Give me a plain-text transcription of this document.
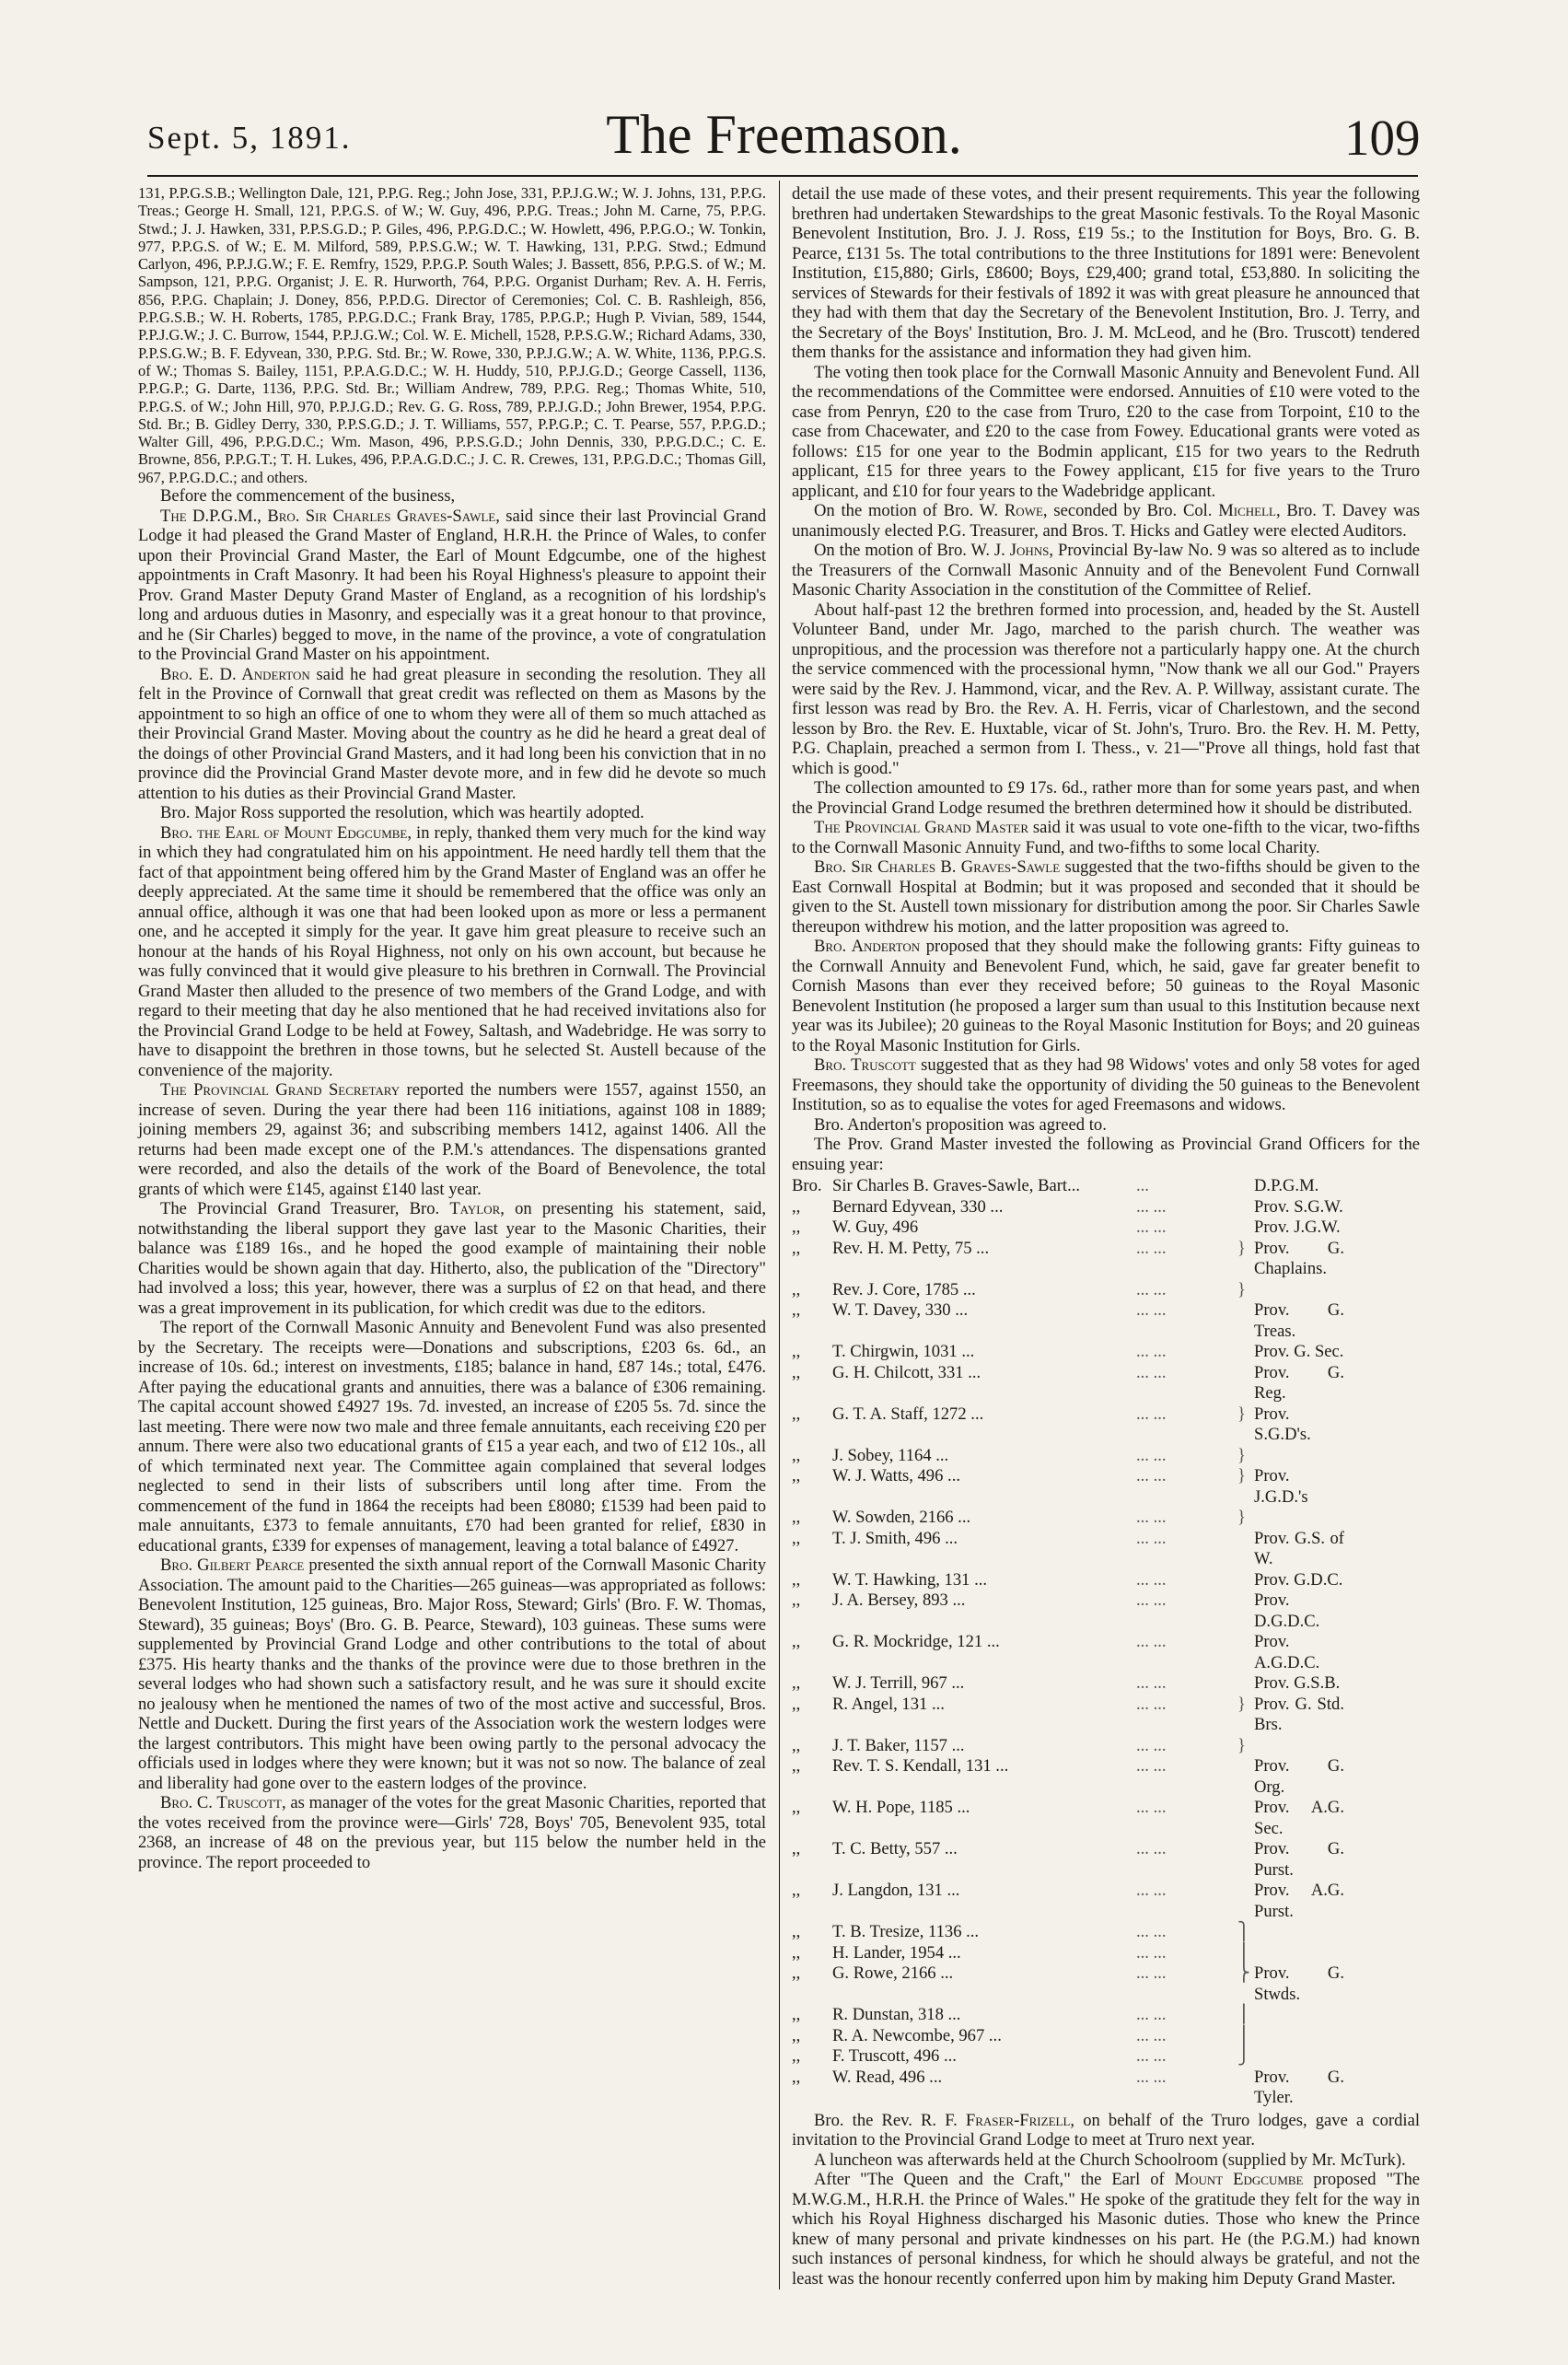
Sept. 5, 1891.	The Freemason.	109

131, P.P.G.S.B.; Wellington Dale, 121, P.P.G. Reg.; John Jose, 331, P.P.J.G.W.; W. J. Johns, 131, P.P.G. Treas.; George H. Small, 121, P.P.G.S. of W.; W. Guy, 496, P.P.G. Treas.; John M. Carne, 75, P.P.G. Stwd.; J. J. Hawken, 331, P.P.S.G.D.; P. Giles, 496, P.P.G.D.C.; W. Howlett, 496, P.P.G.O.; W. Tonkin, 977, P.P.G.S. of W.; E. M. Milford, 589, P.P.S.G.W.; W. T. Hawking, 131, P.P.G. Stwd.; Edmund Carlyon, 496, P.P.J.G.W.; F. E. Remfry, 1529, P.P.G.P. South Wales; J. Bassett, 856, P.P.G.S. of W.; M. Sampson, 121, P.P.G. Organist; J. E. R. Hurworth, 764, P.P.G. Organist Durham; Rev. A. H. Ferris, 856, P.P.G. Chaplain; J. Doney, 856, P.P.D.G. Director of Ceremonies; Col. C. B. Rashleigh, 856, P.P.G.S.B.; W. H. Roberts, 1785, P.P.G.D.C.; Frank Bray, 1785, P.P.G.P.; Hugh P. Vivian, 589, 1544, P.P.J.G.W.; J. C. Burrow, 1544, P.P.J.G.W.; Col. W. E. Michell, 1528, P.P.S.G.W.; Richard Adams, 330, P.P.S.G.W.; B. F. Edyvean, 330, P.P.G. Std. Br.; W. Rowe, 330, P.P.J.G.W.; A. W. White, 1136, P.P.G.S. of W.; Thomas S. Bailey, 1151, P.P.A.G.D.C.; W. H. Huddy, 510, P.P.J.G.D.; George Cassell, 1136, P.P.G.P.; G. Darte, 1136, P.P.G. Std. Br.; William Andrew, 789, P.P.G. Reg.; Thomas White, 510, P.P.G.S. of W.; John Hill, 970, P.P.J.G.D.; Rev. G. G. Ross, 789, P.P.J.G.D.; John Brewer, 1954, P.P.G. Std. Br.; B. Gidley Derry, 330, P.P.S.G.D.; J. T. Williams, 557, P.P.G.P.; C. T. Pearse, 557, P.P.G.D.; Walter Gill, 496, P.P.G.D.C.; Wm. Mason, 496, P.P.S.G.D.; John Dennis, 330, P.P.G.D.C.; C. E. Browne, 856, P.P.G.T.; T. H. Lukes, 496, P.P.A.G.D.C.; J. C. R. Crewes, 131, P.P.G.D.C.; Thomas Gill, 967, P.P.G.D.C.; and others.

Before the commencement of the business,

The D.P.G.M., Bro. Sir Charles Graves-Sawle, said since their last Provincial Grand Lodge it had pleased the Grand Master of England, H.R.H. the Prince of Wales, to confer upon their Provincial Grand Master, the Earl of Mount Edgcumbe, one of the highest appointments in Craft Masonry. It had been his Royal Highness's pleasure to appoint their Prov. Grand Master Deputy Grand Master of England, as a recognition of his lordship's long and arduous duties in Masonry, and especially was it a great honour to that province, and he (Sir Charles) begged to move, in the name of the province, a vote of congratulation to the Provincial Grand Master on his appointment.

Bro. E. D. Anderton said he had great pleasure in seconding the resolution. They all felt in the Province of Cornwall that great credit was reflected on them as Masons by the appointment to so high an office of one to whom they were all of them so much attached as their Provincial Grand Master. Moving about the country as he did he heard a great deal of the doings of other Provincial Grand Masters, and it had long been his conviction that in no province did the Provincial Grand Master devote more, and in few did he devote so much attention to his duties as their Provincial Grand Master.

Bro. Major Ross supported the resolution, which was heartily adopted.

Bro. the Earl of Mount Edgcumbe, in reply, thanked them very much for the kind way in which they had congratulated him on his appointment. He need hardly tell them that the fact of that appointment being offered him by the Grand Master of England was an offer he deeply appreciated. At the same time it should be remembered that the office was only an annual office, although it was one that had been looked upon as more or less a permanent one, and he accepted it simply for the year. It gave him great pleasure to receive such an honour at the hands of his Royal Highness, not only on his own account, but because he was fully convinced that it would give pleasure to his brethren in Cornwall. The Provincial Grand Master then alluded to the presence of two members of the Grand Lodge, and with regard to their meeting that day he also mentioned that he had received invitations also for the Provincial Grand Lodge to be held at Fowey, Saltash, and Wadebridge. He was sorry to have to disappoint the brethren in those towns, but he selected St. Austell because of the convenience of the majority.

The Provincial Grand Secretary reported the numbers were 1557, against 1550, an increase of seven. During the year there had been 116 initiations, against 108 in 1889; joining members 29, against 36; and subscribing members 1412, against 1406. All the returns had been made except one of the P.M.'s attendances. The dispensations granted were recorded, and also the details of the work of the Board of Benevolence, the total grants of which were £145, against £140 last year.

The Provincial Grand Treasurer, Bro. Taylor, on presenting his statement, said, notwithstanding the liberal support they gave last year to the Masonic Charities, their balance was £189 16s., and he hoped the good example of maintaining their noble Charities would be shown again that day. Hitherto, also, the publication of the "Directory" had involved a loss; this year, however, there was a surplus of £2 on that head, and there was a great improvement in its publication, for which credit was due to the editors.

The report of the Cornwall Masonic Annuity and Benevolent Fund was also presented by the Secretary. The receipts were—Donations and subscriptions, £203 6s. 6d., an increase of 10s. 6d.; interest on investments, £185; balance in hand, £87 14s.; total, £476. After paying the educational grants and annuities, there was a balance of £306 remaining. The capital account showed £4927 19s. 7d. invested, an increase of £205 5s. 7d. since the last meeting. There were now two male and three female annuitants, each receiving £20 per annum. There were also two educational grants of £15 a year each, and two of £12 10s., all of which terminated next year. The Committee again complained that several lodges neglected to send in their lists of subscribers until long after time. From the commencement of the fund in 1864 the receipts had been £8080; £1539 had been paid to male annuitants, £373 to female annuitants, £70 had been granted for relief, £830 in educational grants, £339 for expenses of management, leaving a total balance of £4927.

Bro. Gilbert Pearce presented the sixth annual report of the Cornwall Masonic Charity Association. The amount paid to the Charities—265 guineas—was appropriated as follows: Benevolent Institution, 125 guineas, Bro. Major Ross, Steward; Girls' (Bro. F. W. Thomas, Steward), 35 guineas; Boys' (Bro. G. B. Pearce, Steward), 103 guineas. These sums were supplemented by Provincial Grand Lodge and other contributions to the total of about £375. His hearty thanks and the thanks of the province were due to those brethren in the several lodges who had shown such a satisfactory result, and he was sure it should excite no jealousy when he mentioned the names of two of the most active and successful, Bros. Nettle and Duckett. During the first years of the Association work the western lodges were the largest contributors. This might have been owing partly to the personal advocacy the officials used in lodges where they were known; but it was not so now. The balance of zeal and liberality had gone over to the eastern lodges of the province.

Bro. C. Truscott, as manager of the votes for the great Masonic Charities, reported that the votes received from the province were—Girls' 728, Boys' 705, Benevolent 935, total 2368, an increase of 48 on the previous year, but 115 below the number held in the province. The report proceeded to

detail the use made of these votes, and their present requirements. This year the following brethren had undertaken Stewardships to the great Masonic festivals. To the Royal Masonic Benevolent Institution, Bro. J. J. Ross, £19 5s.; to the Institution for Boys, Bro. G. B. Pearce, £131 5s. The total contributions to the three Institutions for 1891 were: Benevolent Institution, £15,880; Girls, £8600; Boys, £29,400; grand total, £53,880. In soliciting the services of Stewards for their festivals of 1892 it was with great pleasure he announced that they had with them that day the Secretary of the Benevolent Institution, Bro. J. Terry, and the Secretary of the Boys' Institution, Bro. J. M. McLeod, and he (Bro. Truscott) tendered them thanks for the assistance and information they had given him.

The voting then took place for the Cornwall Masonic Annuity and Benevolent Fund. All the recommendations of the Committee were endorsed. Annuities of £10 were voted to the case from Penryn, £20 to the case from Truro, £20 to the case from Torpoint, £10 to the case from Chacewater, and £20 to the case from Fowey. Educational grants were voted as follows: £15 for one year to the Bodmin applicant, £15 for two years to the Redruth applicant, £15 for three years to the Fowey applicant, £15 for five years to the Truro applicant, and £10 for four years to the Wadebridge applicant.

On the motion of Bro. W. Rowe, seconded by Bro. Col. Michell, Bro. T. Davey was unanimously elected P.G. Treasurer, and Bros. T. Hicks and Gatley were elected Auditors.

On the motion of Bro. W. J. Johns, Provincial By-law No. 9 was so altered as to include the Treasurers of the Cornwall Masonic Annuity and of the Benevolent Fund Cornwall Masonic Charity Association in the constitution of the Committee of Relief.

About half-past 12 the brethren formed into procession, and, headed by the St. Austell Volunteer Band, under Mr. Jago, marched to the parish church. The weather was unpropitious, and the procession was therefore not a particularly happy one. At the church the service commenced with the processional hymn, "Now thank we all our God." Prayers were said by the Rev. J. Hammond, vicar, and the Rev. A. P. Willway, assistant curate. The first lesson was read by Bro. the Rev. A. H. Ferris, vicar of Charlestown, and the second lesson by Bro. the Rev. E. Huxtable, vicar of St. John's, Truro. Bro. the Rev. H. M. Petty, P.G. Chaplain, preached a sermon from I. Thess., v. 21—"Prove all things, hold fast that which is good."

The collection amounted to £9 17s. 6d., rather more than for some years past, and when the Provincial Grand Lodge resumed the brethren determined how it should be distributed.

The Provincial Grand Master said it was usual to vote one-fifth to the vicar, two-fifths to the Cornwall Masonic Annuity Fund, and two-fifths to some local Charity.

Bro. Sir Charles B. Graves-Sawle suggested that the two-fifths should be given to the East Cornwall Hospital at Bodmin; but it was proposed and seconded that it should be given to the St. Austell town missionary for distribution among the poor. Sir Charles Sawle thereupon withdrew his motion, and the latter proposition was agreed to.

Bro. Anderton proposed that they should make the following grants: Fifty guineas to the Cornwall Annuity and Benevolent Fund, which, he said, gave far greater benefit to Cornish Masons than ever they received before; 50 guineas to the Royal Masonic Benevolent Institution (he proposed a larger sum than usual to this Institution because next year was its Jubilee); 20 guineas to the Royal Masonic Institution for Boys; and 20 guineas to the Royal Masonic Institution for Girls.

Bro. Truscott suggested that as they had 98 Widows' votes and only 58 votes for aged Freemasons, they should take the opportunity of dividing the 50 guineas to the Benevolent Institution, so as to equalise the votes for aged Freemasons and widows.

Bro. Anderton's proposition was agreed to.

The Prov. Grand Master invested the following as Provincial Grand Officers for the ensuing year:

Bro.	Sir Charles B. Graves-Sawle, Bart...	...		D.P.G.M.
,,	Bernard Edyvean, 330 ...	... ...		Prov. S.G.W.
,,	W. Guy, 496	... ...		Prov. J.G.W.
,,	Rev. H. M. Petty, 75 ...	... ...	}	Prov. G. Chaplains.
,,	Rev. J. Core, 1785 ...	... ...	}	
,,	W. T. Davey, 330 ...	... ...		Prov. G. Treas.
,,	T. Chirgwin, 1031 ...	... ...		Prov. G. Sec.
,,	G. H. Chilcott, 331 ...	... ...		Prov. G. Reg.
,,	G. T. A. Staff, 1272 ...	... ...	}	Prov. S.G.D's.
,,	J. Sobey, 1164 ...	... ...	}	
,,	W. J. Watts, 496 ...	... ...	}	Prov. J.G.D.'s
,,	W. Sowden, 2166 ...	... ...	}	
,,	T. J. Smith, 496 ...	... ...		Prov. G.S. of W.
,,	W. T. Hawking, 131 ...	... ...		Prov. G.D.C.
,,	J. A. Bersey, 893 ...	... ...		Prov. D.G.D.C.
,,	G. R. Mockridge, 121 ...	... ...		Prov. A.G.D.C.
,,	W. J. Terrill, 967 ...	... ...		Prov. G.S.B.
,,	R. Angel, 131 ...	... ...	}	Prov. G. Std. Brs.
,,	J. T. Baker, 1157 ...	... ...	}	
,,	Rev. T. S. Kendall, 131 ...	... ...		Prov. G. Org.
,,	W. H. Pope, 1185 ...	... ...		Prov. A.G. Sec.
,,	T. C. Betty, 557 ...	... ...		Prov. G. Purst.
,,	J. Langdon, 131 ...	... ...		Prov. A.G. Purst.
,,	T. B. Tresize, 1136 ...	... ...	⎫	
,,	H. Lander, 1954 ...	... ...	⎪	
,,	G. Rowe, 2166 ...	... ...	⎬	Prov. G. Stwds.
,,	R. Dunstan, 318 ...	... ...	⎪	
,,	R. A. Newcombe, 967 ...	... ...	⎪	
,,	F. Truscott, 496 ...	... ...	⎭	
,,	W. Read, 496 ...	... ...		Prov. G. Tyler.

Bro. the Rev. R. F. Fraser-Frizell, on behalf of the Truro lodges, gave a cordial invitation to the Provincial Grand Lodge to meet at Truro next year.

A luncheon was afterwards held at the Church Schoolroom (supplied by Mr. McTurk).

After "The Queen and the Craft," the Earl of Mount Edgcumbe proposed "The M.W.G.M., H.R.H. the Prince of Wales." He spoke of the gratitude they felt for the way in which his Royal Highness discharged his Masonic duties. Those who knew the Prince knew of many personal and private kindnesses on his part. He (the P.G.M.) had known such instances of personal kindness, for which he should always be grateful, and not the least was the honour recently conferred upon him by making him Deputy Grand Master.
